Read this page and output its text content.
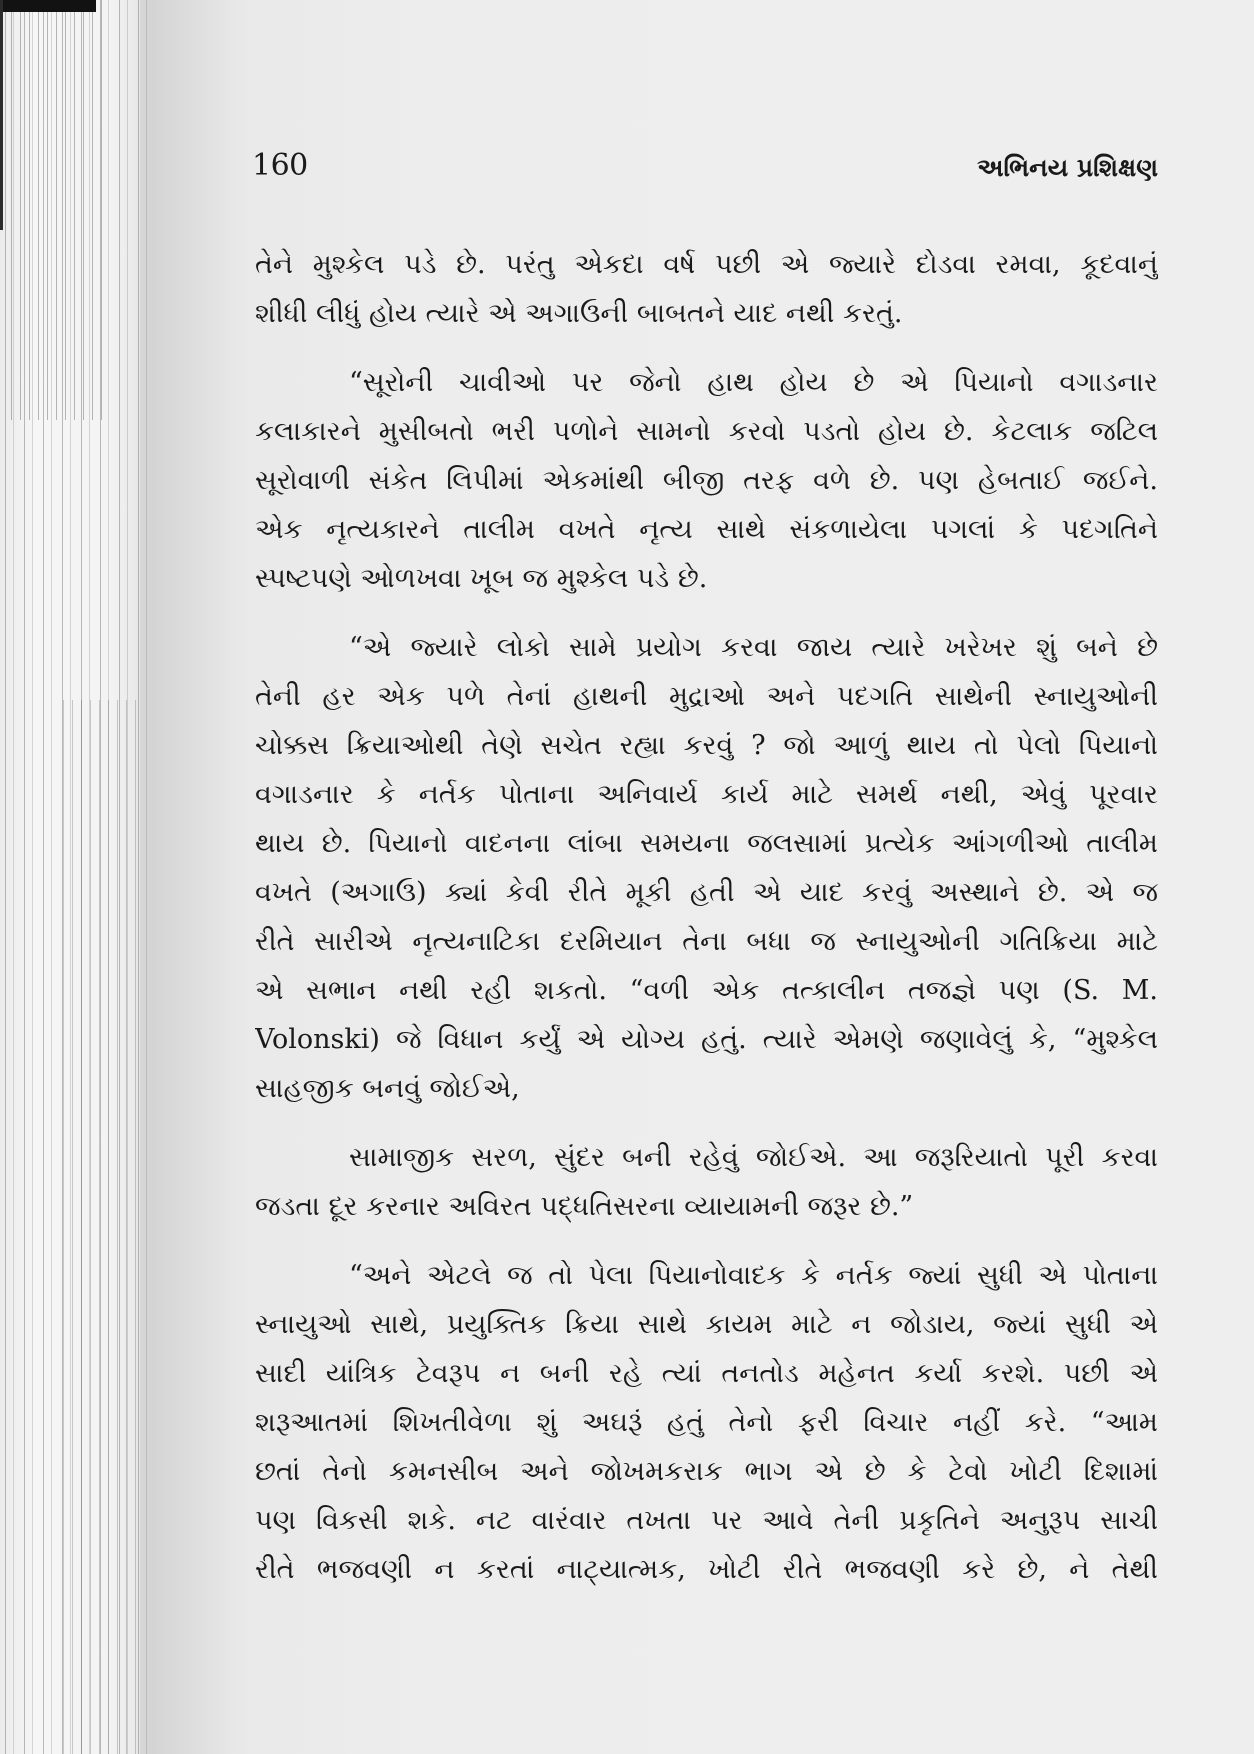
160	અભિનય પ્રશિક્ષણ
તેને મુશ્કેલ પડે છે. પરંતુ એકદા વર્ષ પછી એ જ્યારે દોડવા રમવા, કૂદવાનું
શીધી લીધું હોય ત્યારે એ અગાઉની બાબતને યાદ નથી કરતું.
“સૂરોની ચાવીઓ પર જેનો હાથ હોય છે એ પિયાનો વગાડનાર
કલાકારને મુસીબતો ભરી પળોને સામનો કરવો પડતો હોય છે. કેટલાક જટિલ
સૂરોવાળી સંકેત લિપીમાં એકમાંથી બીજી તરફ વળે છે. પણ હેબતાઈ જઈને.
એક નૃત્યકારને તાલીમ વખતે નૃત્ય સાથે સંકળાયેલા પગલાં કે પદગતિને
સ્પષ્ટપણે ઓળખવા ખૂબ જ મુશ્કેલ પડે છે.
“એ જ્યારે લોકો સામે પ્રયોગ કરવા જાય ત્યારે ખરેખર શું બને છે
તેની હર એક પળે તેનાં હાથની મુદ્રાઓ અને પદગતિ સાથેની સ્નાયુઓની
ચોક્કસ ક્રિયાઓથી તેણે સચેત રહ્યા કરવું ? જો આળું થાય તો પેલો પિયાનો
વગાડનાર કે નર્તક પોતાના અનિવાર્ય કાર્ય માટે સમર્થ નથી, એવું પૂરવાર
થાય છે. પિયાનો વાદનના લાંબા સમયના જલસામાં પ્રત્યેક આંગળીઓ તાલીમ
વખતે (અગાઉ) ક્યાં કેવી રીતે મૂકી હતી એ યાદ કરવું અસ્થાને છે. એ જ
રીતે સારીએ નૃત્યનાટિકા દરમિયાન તેના બધા જ સ્નાયુઓની ગતિક્રિયા માટે
એ સભાન નથી રહી શકતો. “વળી એક તત્કાલીન તજજ્ઞે પણ (S. M.
Volonski) જે વિધાન કર્યું એ યોગ્ય હતું. ત્યારે એમણે જણાવેલું કે, “મુશ્કેલ
સાહજીક બનવું જોઈએ,
સામાજીક સરળ, સુંદર બની રહેવું જોઈએ. આ જરૂરિયાતો પૂરી કરવા
જડતા દૂર કરનાર અવિરત પદ્ધતિસરના વ્યાયામની જરૂર છે.”
“અને એટલે જ તો પેલા પિયાનોવાદક કે નર્તક જ્યાં સુધી એ પોતાના
સ્નાયુઓ સાથે, પ્રયુક્તિક ક્રિયા સાથે કાયમ માટે ન જોડાય, જ્યાં સુધી એ
સાદી યાંત્રિક ટેવરૂપ ન બની રહે ત્યાં તનતોડ મહેનત કર્યા કરશે. પછી એ
શરૂઆતમાં શિખતીવેળા શું અઘરૂં હતું તેનો ફરી વિચાર નહીં કરે. “આમ
છતાં તેનો કમનસીબ અને જોખમકરાક ભાગ એ છે કે ટેવો ખોટી દિશામાં
પણ વિકસી શકે. નટ વારંવાર તખતા પર આવે તેની પ્રકૃતિને અનુરૂપ સાચી
રીતે ભજવણી ન કરતાં નાટ્યાત્મક, ખોટી રીતે ભજવણી કરે છે, ને તેથી
